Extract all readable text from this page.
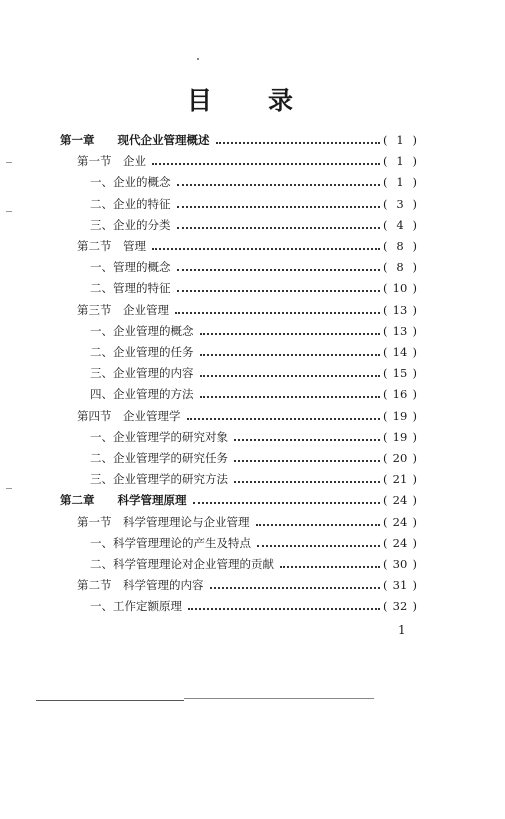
目 录
第一章　　现代企业管理概述	( 1 )
第一节　企业	( 1 )
一、企业的概念	( 1 )
二、企业的特征	( 3 )
三、企业的分类	( 4 )
第二节　管理	( 8 )
一、管理的概念	( 8 )
二、管理的特征	( 10 )
第三节　企业管理	( 13 )
一、企业管理的概念	( 13 )
二、企业管理的任务	( 14 )
三、企业管理的内容	( 15 )
四、企业管理的方法	( 16 )
第四节　企业管理学	( 19 )
一、企业管理学的研究对象	( 19 )
二、企业管理学的研究任务	( 20 )
三、企业管理学的研究方法	( 21 )
第二章　　科学管理原理	( 24 )
第一节　科学管理理论与企业管理	( 24 )
一、科学管理理论的产生及特点	( 24 )
二、科学管理理论对企业管理的贡献	( 30 )
第二节　科学管理的内容	( 31 )
一、工作定额原理	( 32 )
1
